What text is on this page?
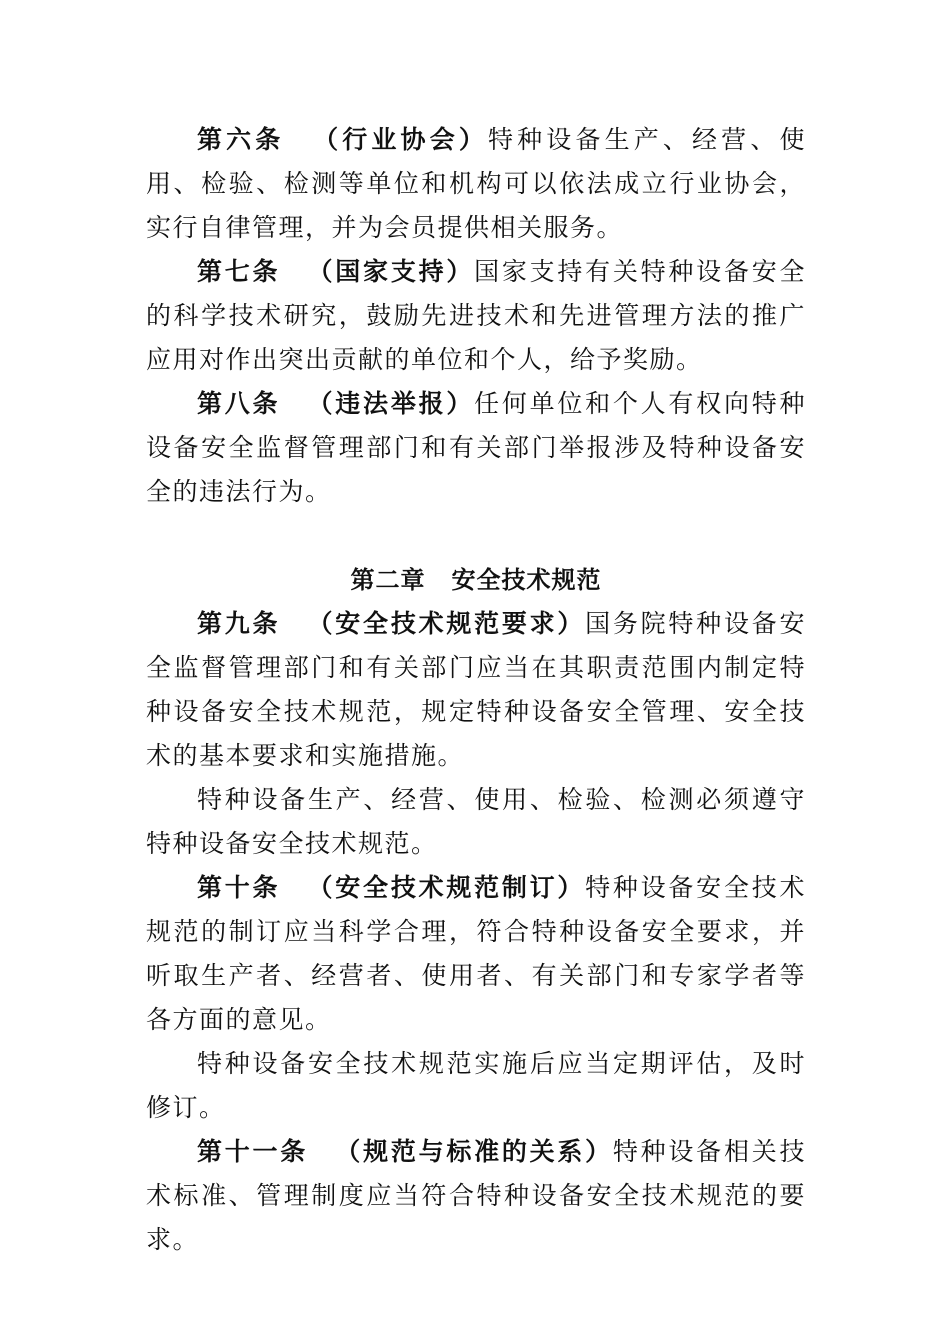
第六条 （行业协会）特种设备生产、经营、使用、检验、检测等单位和机构可以依法成立行业协会，实行自律管理，并为会员提供相关服务。

第七条 （国家支持）国家支持有关特种设备安全的科学技术研究，鼓励先进技术和先进管理方法的推广应用对作出突出贡献的单位和个人，给予奖励。

第八条 （违法举报）任何单位和个人有权向特种设备安全监督管理部门和有关部门举报涉及特种设备安全的违法行为。

第二章 安全技术规范

第九条 （安全技术规范要求）国务院特种设备安全监督管理部门和有关部门应当在其职责范围内制定特种设备安全技术规范，规定特种设备安全管理、安全技术的基本要求和实施措施。

特种设备生产、经营、使用、检验、检测必须遵守特种设备安全技术规范。

第十条 （安全技术规范制订）特种设备安全技术规范的制订应当科学合理，符合特种设备安全要求，并听取生产者、经营者、使用者、有关部门和专家学者等各方面的意见。

特种设备安全技术规范实施后应当定期评估，及时修订。

第十一条 （规范与标准的关系）特种设备相关技术标准、管理制度应当符合特种设备安全技术规范的要求。
